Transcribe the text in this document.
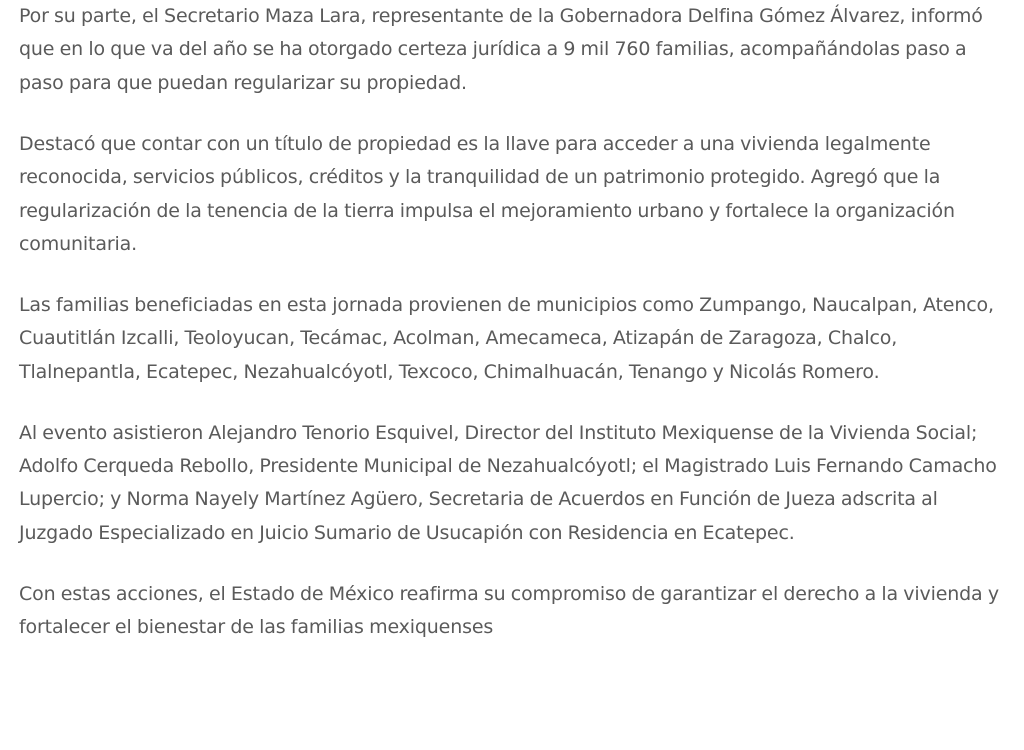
Por su parte, el Secretario Maza Lara, representante de la Gobernadora Delfina Gómez Álvarez, informó que en lo que va del año se ha otorgado certeza jurídica a 9 mil 760 familias, acompañándolas paso a paso para que puedan regularizar su propiedad.

Destacó que contar con un título de propiedad es la llave para acceder a una vivienda legalmente reconocida, servicios públicos, créditos y la tranquilidad de un patrimonio protegido. Agregó que la regularización de la tenencia de la tierra impulsa el mejoramiento urbano y fortalece la organización comunitaria.

Las familias beneficiadas en esta jornada provienen de municipios como Zumpango, Naucalpan, Atenco, Cuautitlán Izcalli, Teoloyucan, Tecámac, Acolman, Amecameca, Atizapán de Zaragoza, Chalco, Tlalnepantla, Ecatepec, Nezahualcóyotl, Texcoco, Chimalhuacán, Tenango y Nicolás Romero.

Al evento asistieron Alejandro Tenorio Esquivel, Director del Instituto Mexiquense de la Vivienda Social; Adolfo Cerqueda Rebollo, Presidente Municipal de Nezahualcóyotl; el Magistrado Luis Fernando Camacho Lupercio; y Norma Nayely Martínez Agüero, Secretaria de Acuerdos en Función de Jueza adscrita al Juzgado Especializado en Juicio Sumario de Usucapión con Residencia en Ecatepec.

Con estas acciones, el Estado de México reafirma su compromiso de garantizar el derecho a la vivienda y fortalecer el bienestar de las familias mexiquenses
